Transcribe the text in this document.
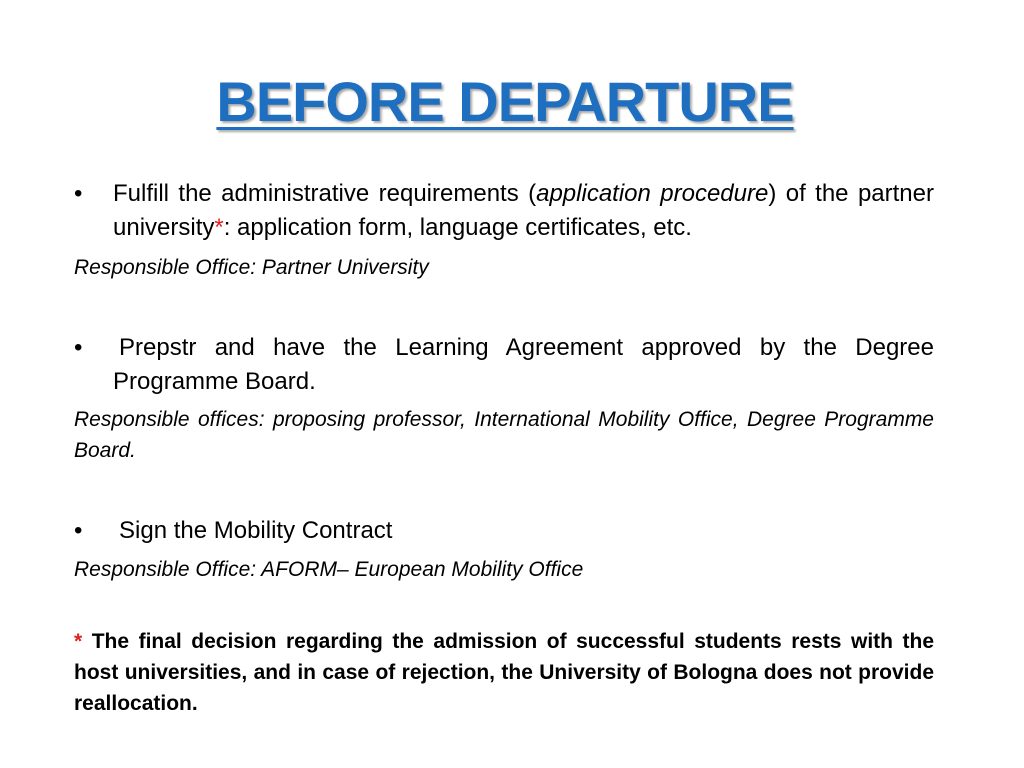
BEFORE DEPARTURE
• Fulfill the administrative requirements (application procedure) of the partner university*: application form, language certificates, etc.
Responsible Office: Partner University
• Prepstr and have the Learning Agreement approved by the Degree Programme Board.
Responsible offices: proposing professor, International Mobility Office, Degree Programme Board.
• Sign the Mobility Contract
Responsible Office: AFORM– European Mobility Office
* The final decision regarding the admission of successful students rests with the host universities, and in case of rejection, the University of Bologna does not provide reallocation.
